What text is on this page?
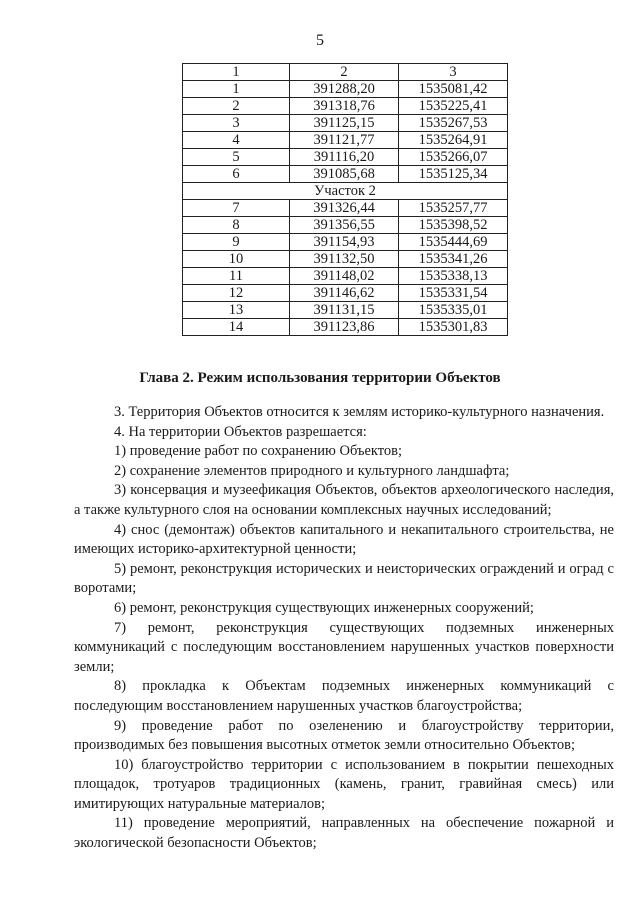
5
1	2	3
1	391288,20	1535081,42
2	391318,76	1535225,41
3	391125,15	1535267,53
4	391121,77	1535264,91
5	391116,20	1535266,07
6	391085,68	1535125,34
Участок 2		
7	391326,44	1535257,77
8	391356,55	1535398,52
9	391154,93	1535444,69
10	391132,50	1535341,26
11	391148,02	1535338,13
12	391146,62	1535331,54
13	391131,15	1535335,01
14	391123,86	1535301,83
Глава 2. Режим использования территории Объектов

3. Территория Объектов относится к землям историко-культурного назначения.

4. На территории Объектов разрешается:

1) проведение работ по сохранению Объектов;

2) сохранение элементов природного и культурного ландшафта;

3) консервация и музеефикация Объектов, объектов археологического наследия, а также культурного слоя на основании комплексных научных исследований;

4) снос (демонтаж) объектов капитального и некапитального строительства, не имеющих историко-архитектурной ценности;

5) ремонт, реконструкция исторических и неисторических ограждений и оград с воротами;

6) ремонт, реконструкция существующих инженерных сооружений;

7) ремонт, реконструкция существующих подземных инженерных коммуникаций с последующим восстановлением нарушенных участков поверхности земли;

8) прокладка к Объектам подземных инженерных коммуникаций с последующим восстановлением нарушенных участков благоустройства;

9) проведение работ по озеленению и благоустройству территории, производимых без повышения высотных отметок земли относительно Объектов;

10) благоустройство территории с использованием в покрытии пешеходных площадок, тротуаров традиционных (камень, гранит, гравийная смесь) или имитирующих натуральные материалов;

11) проведение мероприятий, направленных на обеспечение пожарной и экологической безопасности Объектов;
